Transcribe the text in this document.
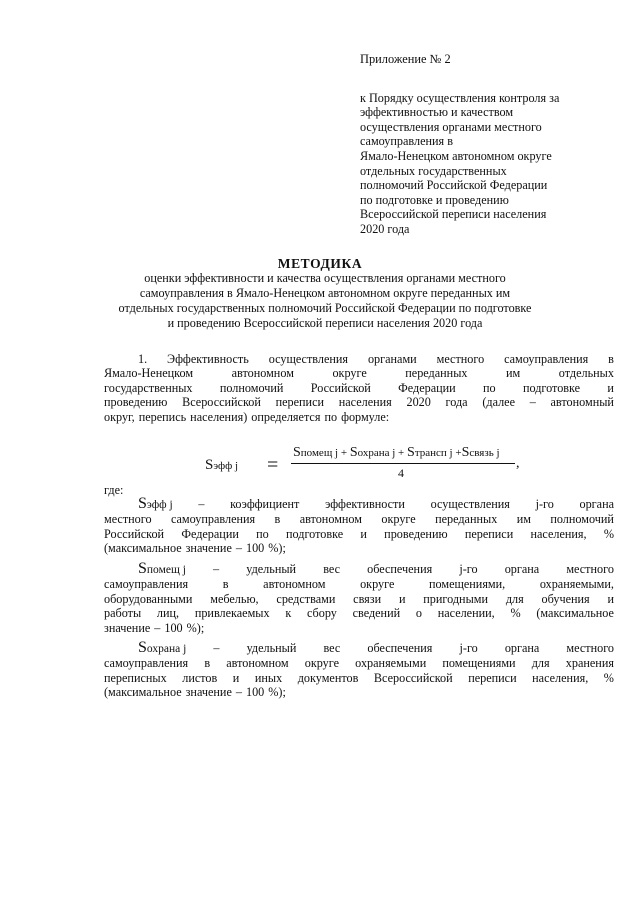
Приложение № 2
к Порядку осуществления контроля за
эффективностью и качеством
осуществления органами местного
самоуправления в
Ямало-Ненецком автономном округе
отдельных государственных
полномочий Российской Федерации
по подготовке и проведению
Всероссийской переписи населения
2020 года
МЕТОДИКА
оценки эффективности и качества осуществления органами местного
самоуправления в Ямало-Ненецком автономном округе переданных им
отдельных государственных полномочий Российской Федерации по подготовке
и проведению Всероссийской переписи населения 2020 года
1. Эффективность осуществления органами местного самоуправления в
Ямало-Ненецком	автономном	округе	переданных	им	отдельных
государственных полномочий Российской Федерации по подготовке и
проведению Всероссийской переписи населения 2020 года (далее – автономный
округ, перепись населения) определяется по формуле:
Sэфф j =
Sпомещ j + Sохрана j + Sтрансп j +Sсвязь j
4
,
где:
Sэфф j – коэффициент эффективности осуществления j-го органа
местного самоуправления в автономном округе переданных им полномочий
Российской Федерации по подготовке и проведению переписи населения, %
(максимальное значение – 100 %);
Sпомещ j – удельный вес обеспечения j-го органа местного
самоуправления	в	автономном	округе	помещениями,	охраняемыми,
оборудованными мебелью, средствами связи и пригодными для обучения и
работы лиц, привлекаемых к сбору сведений о населении, % (максимальное
значение – 100 %);
Sохрана j – удельный вес обеспечения j-го органа местного
самоуправления в автономном округе охраняемыми помещениями для хранения
переписных листов и иных документов Всероссийской переписи населения, %
(максимальное значение – 100 %);
